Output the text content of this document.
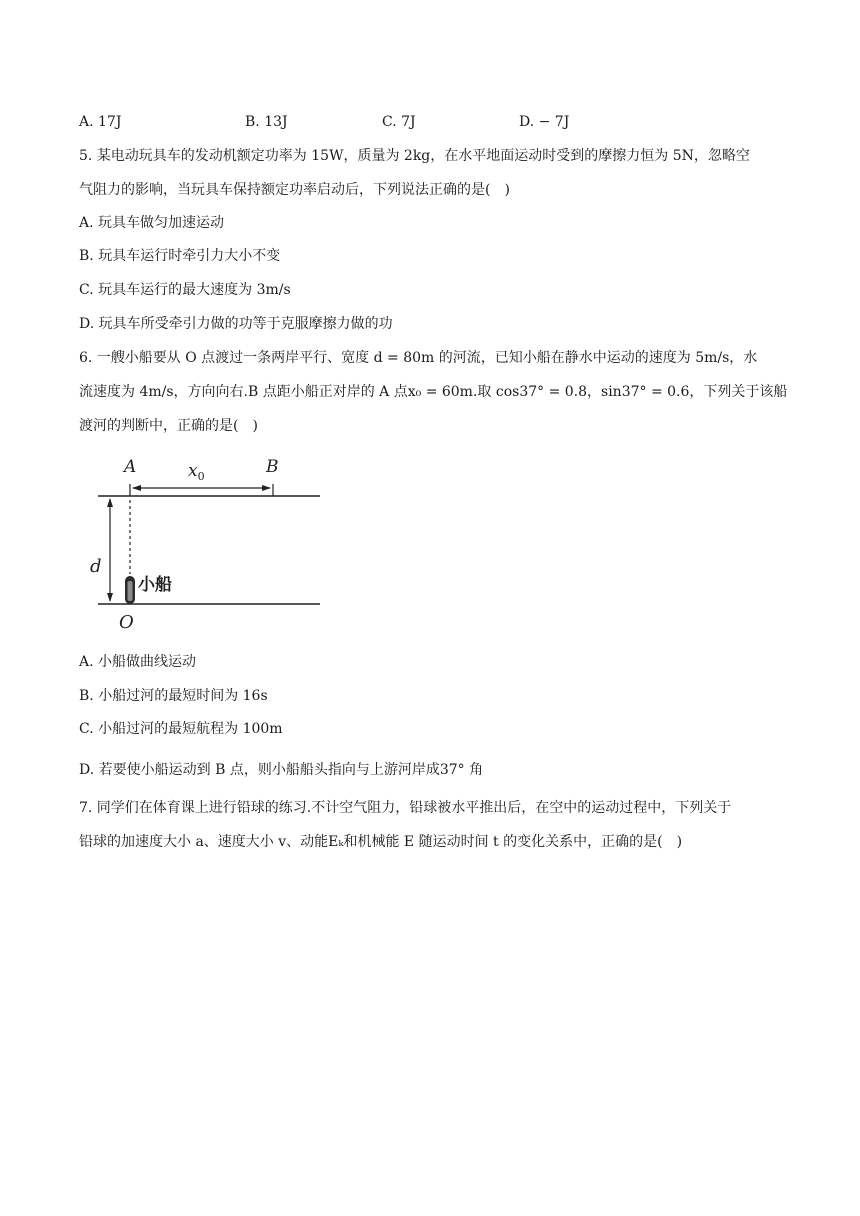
A. 17J	B. 13J	C. 7J	D. − 7J
5. 某电动玩具车的发动机额定功率为 15W，质量为 2kg，在水平地面运动时受到的摩擦力恒为 5N，忽略空
气阻力的影响，当玩具车保持额定功率启动后，下列说法正确的是(　)
A. 玩具车做匀加速运动
B. 玩具车运行时牵引力大小不变
C. 玩具车运行的最大速度为 3m/s
D. 玩具车所受牵引力做的功等于克服摩擦力做的功
6. 一艘小船要从 O 点渡过一条两岸平行、宽度 d = 80m 的河流，已知小船在静水中运动的速度为 5m/s，水
流速度为 4m/s，方向向右.B 点距小船正对岸的 A 点x₀ = 60m.取 cos37° = 0.8，sin37° = 0.6，下列关于该船
渡河的判断中，正确的是(　)
A	B
$x_0$
d
O
小船
A. 小船做曲线运动
B. 小船过河的最短时间为 16s
C. 小船过河的最短航程为 100m
D. 若要使小船运动到 B 点，则小船船头指向与上游河岸成37° 角
7. 同学们在体育课上进行铅球的练习.不计空气阻力，铅球被水平推出后，在空中的运动过程中，下列关于
铅球的加速度大小 a、速度大小 v、动能Eₖ和机械能 E 随运动时间 t 的变化关系中，正确的是(　)
